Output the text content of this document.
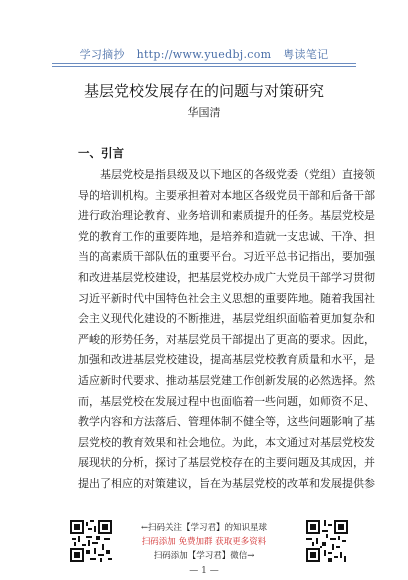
学习摘抄 http://www.yuedbj.com 粤读笔记
基层党校发展存在的问题与对策研究
华国清
一、引言
基层党校是指县级及以下地区的各级党委（党组）直接领
导的培训机构。主要承担着对本地区各级党员干部和后备干部
进行政治理论教育、业务培训和素质提升的任务。基层党校是
党的教育工作的重要阵地，是培养和造就一支忠诚、干净、担
当的高素质干部队伍的重要平台。习近平总书记指出，要加强
和改进基层党校建设，把基层党校办成广大党员干部学习贯彻
习近平新时代中国特色社会主义思想的重要阵地。随着我国社
会主义现代化建设的不断推进，基层党组织面临着更加复杂和
严峻的形势任务，对基层党员干部提出了更高的要求。因此，
加强和改进基层党校建设，提高基层党校教育质量和水平，是
适应新时代要求、推动基层党建工作创新发展的必然选择。然
而，基层党校在发展过程中也面临着一些问题，如师资不足、
教学内容和方法落后、管理体制不健全等，这些问题影响了基
层党校的教育效果和社会地位。为此，本文通过对基层党校发
展现状的分析，探讨了基层党校存在的主要问题及其成因，并
提出了相应的对策建议，旨在为基层党校的改革和发展提供参
←扫码关注【学习君】的知识星球
扫码添加 免费加群 获取更多资料
扫码添加【学习君】微信→
— 1 —
